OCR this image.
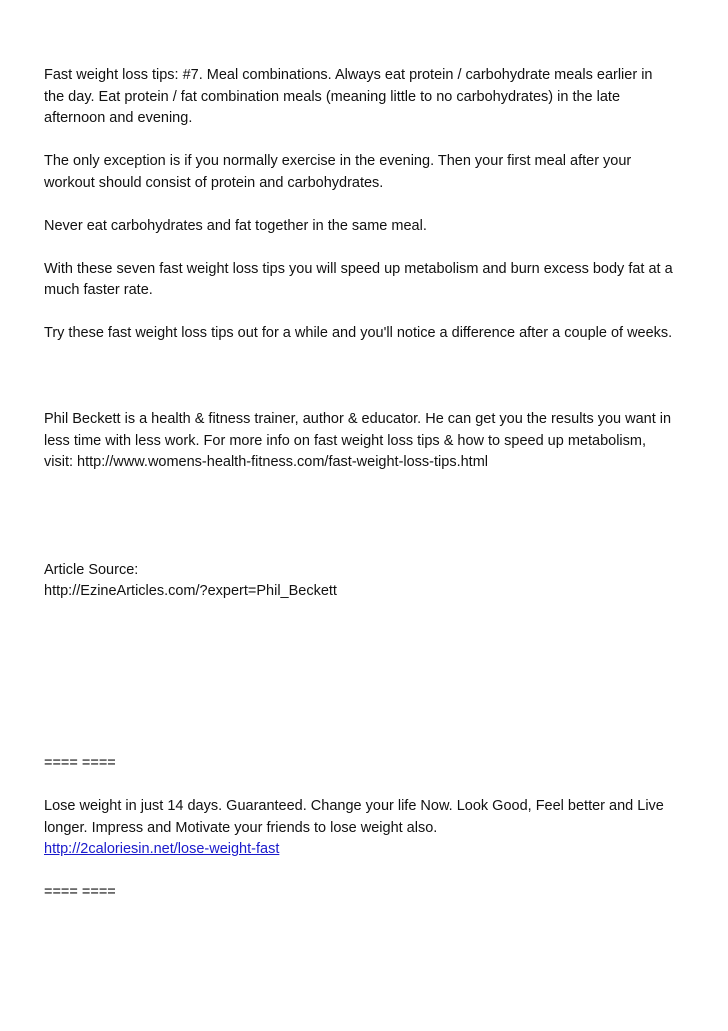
Fast weight loss tips: #7. Meal combinations. Always eat protein / carbohydrate meals earlier in
the day. Eat protein / fat combination meals (meaning little to no carbohydrates) in the late
afternoon and evening.

The only exception is if you normally exercise in the evening. Then your first meal after your
workout should consist of protein and carbohydrates.

Never eat carbohydrates and fat together in the same meal.

With these seven fast weight loss tips you will speed up metabolism and burn excess body fat at a
much faster rate.

Try these fast weight loss tips out for a while and you'll notice a difference after a couple of weeks.

Phil Beckett is a health & fitness trainer, author & educator. He can get you the results you want in
less time with less work. For more info on fast weight loss tips & how to speed up metabolism,
visit: http://www.womens-health-fitness.com/fast-weight-loss-tips.html

Article Source:

http://EzineArticles.com/?expert=Phil_Beckett

==== ====

Lose weight in just 14 days. Guaranteed. Change your life Now. Look Good, Feel better and Live
longer. Impress and Motivate your friends to lose weight also.

http://2caloriesin.net/lose-weight-fast

==== ====
